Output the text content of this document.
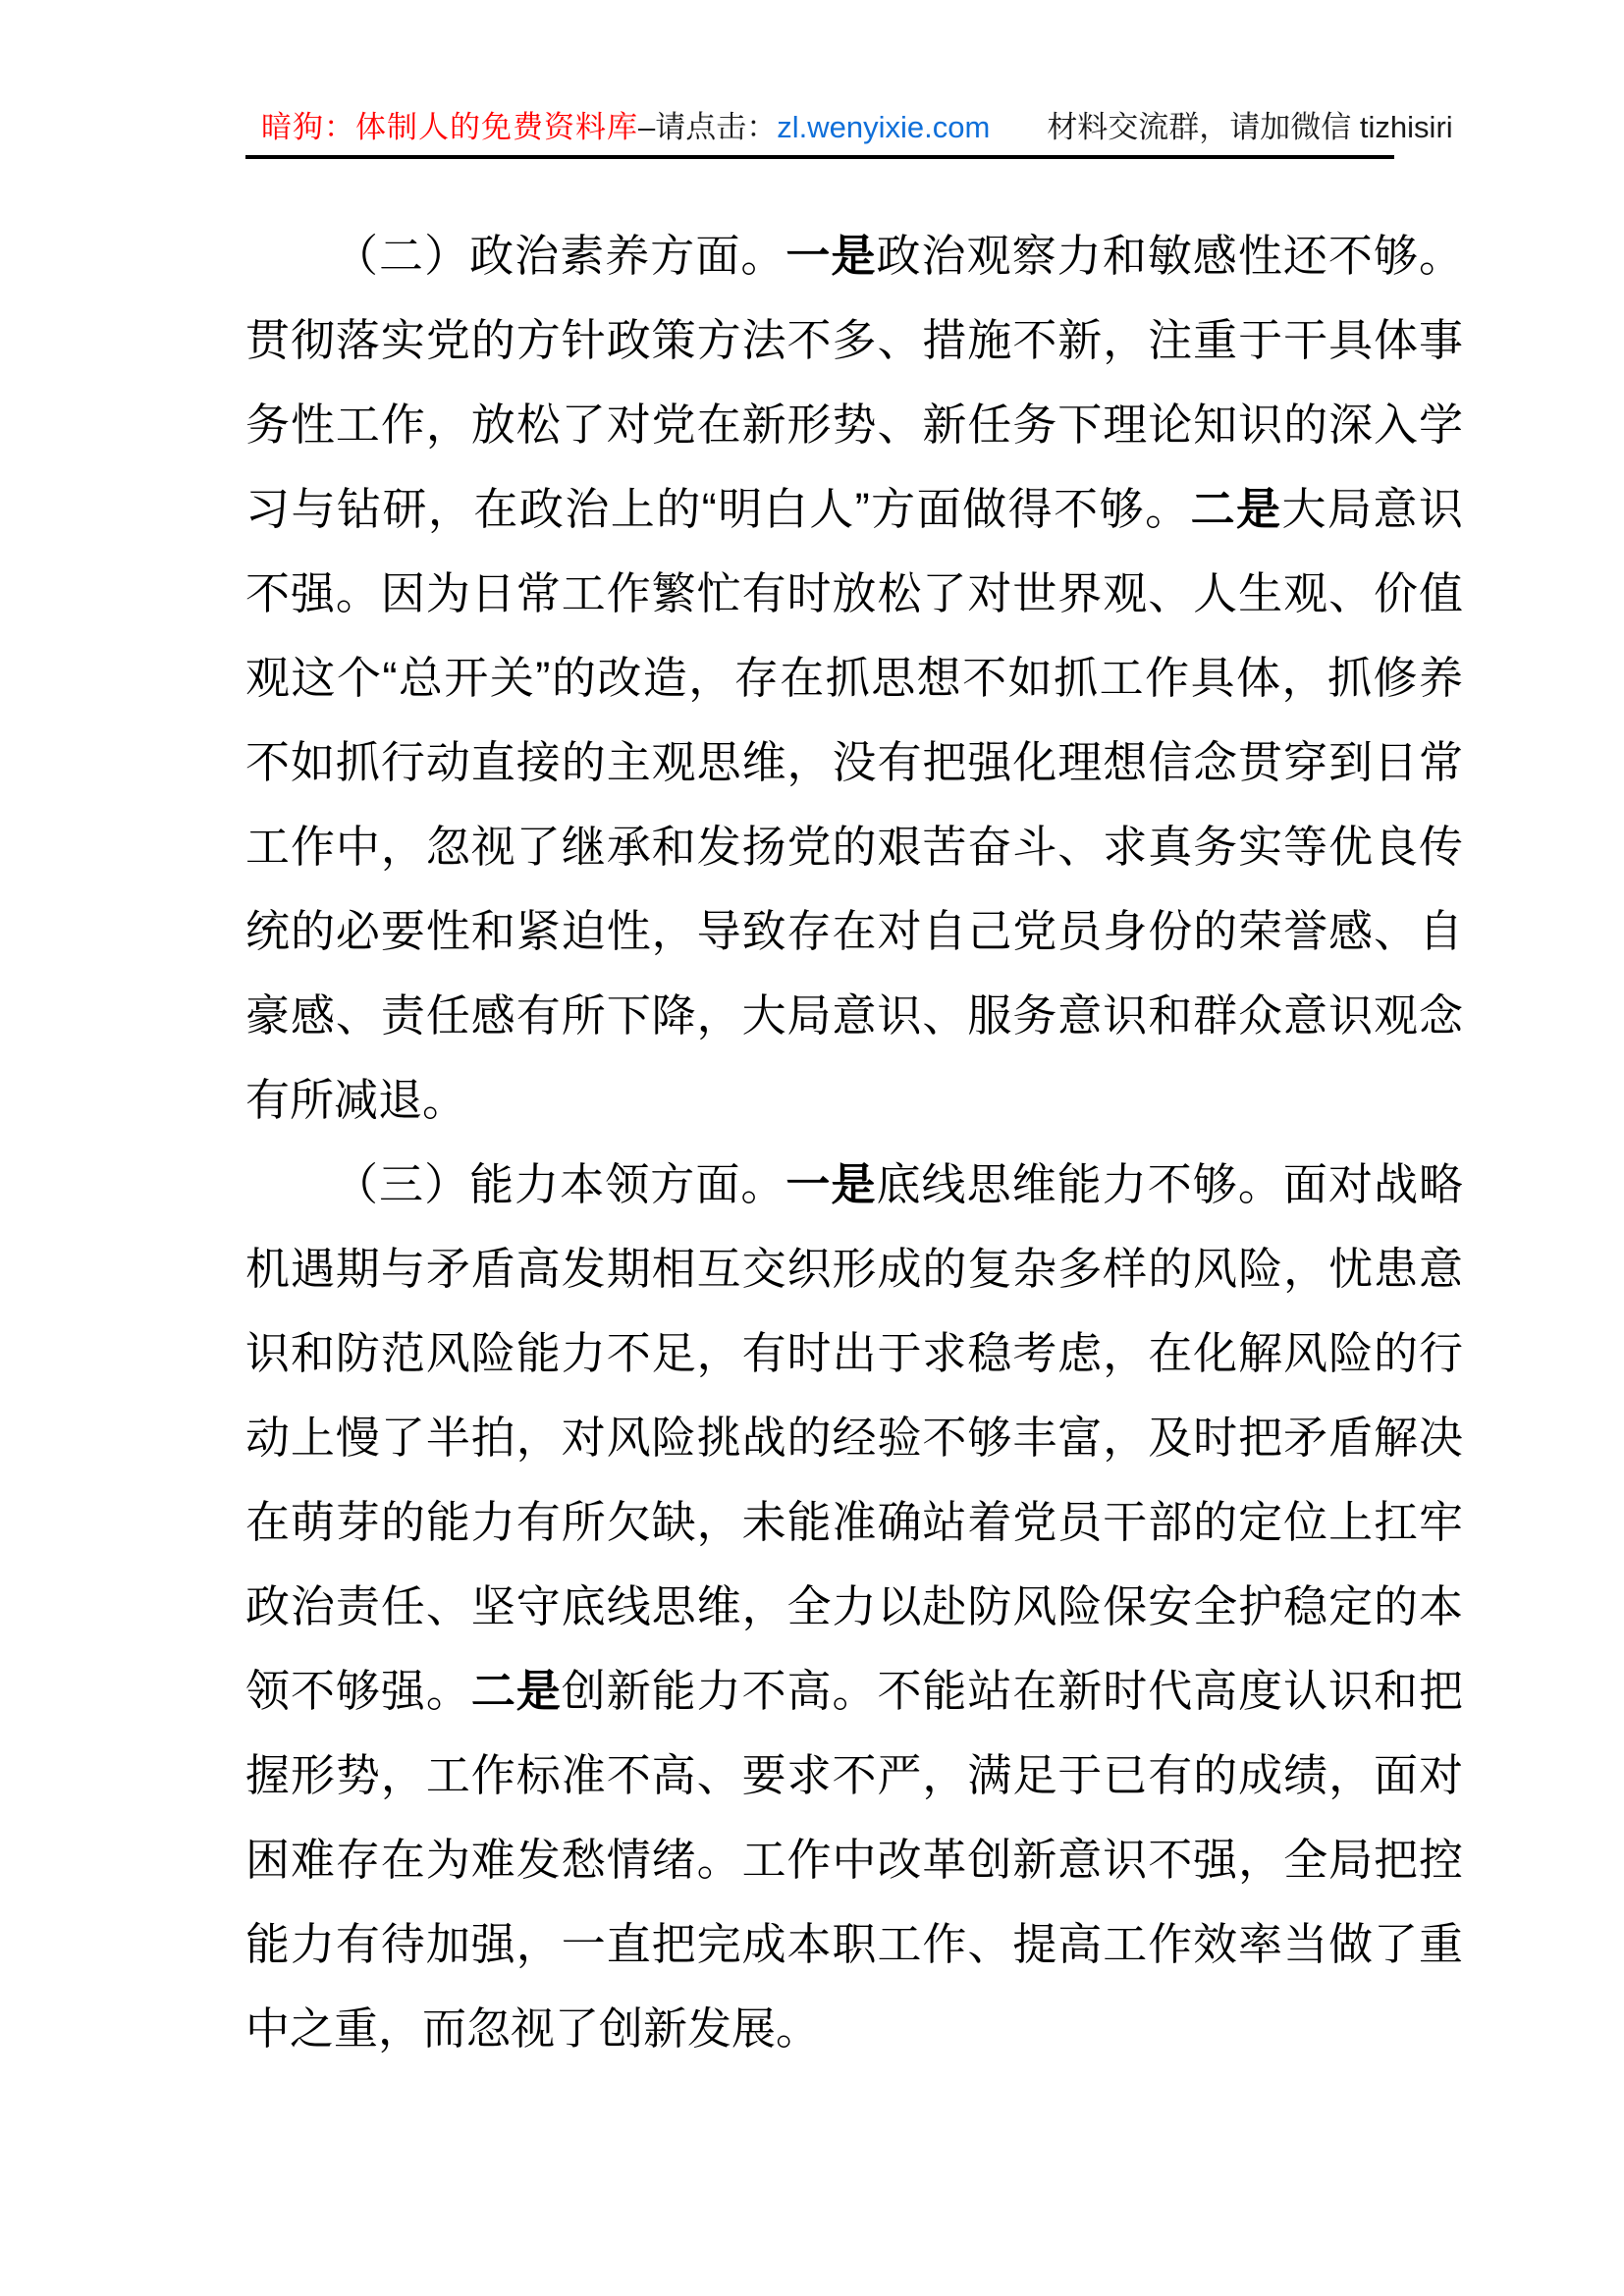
暗狗：体制人的免费资料库 –请点击： zl.wenyixie.com 材料交流群，请加微信 tizhisiri

（二）政治素养方面。一是政治观察力和敏感性还不够。贯彻落实党的方针政策方法不多、措施不新，注重于干具体事务性工作，放松了对党在新形势、新任务下理论知识的深入学习与钻研，在政治上的“明白人”方面做得不够。二是大局意识不强。因为日常工作繁忙有时放松了对世界观、人生观、价值观这个“总开关”的改造，存在抓思想不如抓工作具体，抓修养不如抓行动直接的主观思维，没有把强化理想信念贯穿到日常工作中，忽视了继承和发扬党的艰苦奋斗、求真务实等优良传统的必要性和紧迫性，导致存在对自己党员身份的荣誉感、自豪感、责任感有所下降，大局意识、服务意识和群众意识观念有所减退。

（三）能力本领方面。一是底线思维能力不够。面对战略机遇期与矛盾高发期相互交织形成的复杂多样的风险，忧患意识和防范风险能力不足，有时出于求稳考虑，在化解风险的行动上慢了半拍，对风险挑战的经验不够丰富，及时把矛盾解决在萌芽的能力有所欠缺，未能准确站着党员干部的定位上扛牢政治责任、坚守底线思维，全力以赴防风险保安全护稳定的本领不够强。二是创新能力不高。不能站在新时代高度认识和把握形势，工作标准不高、要求不严，满足于已有的成绩，面对困难存在为难发愁情绪。工作中改革创新意识不强，全局把控能力有待加强，一直把完成本职工作、提高工作效率当做了重中之重，而忽视了创新发展。
